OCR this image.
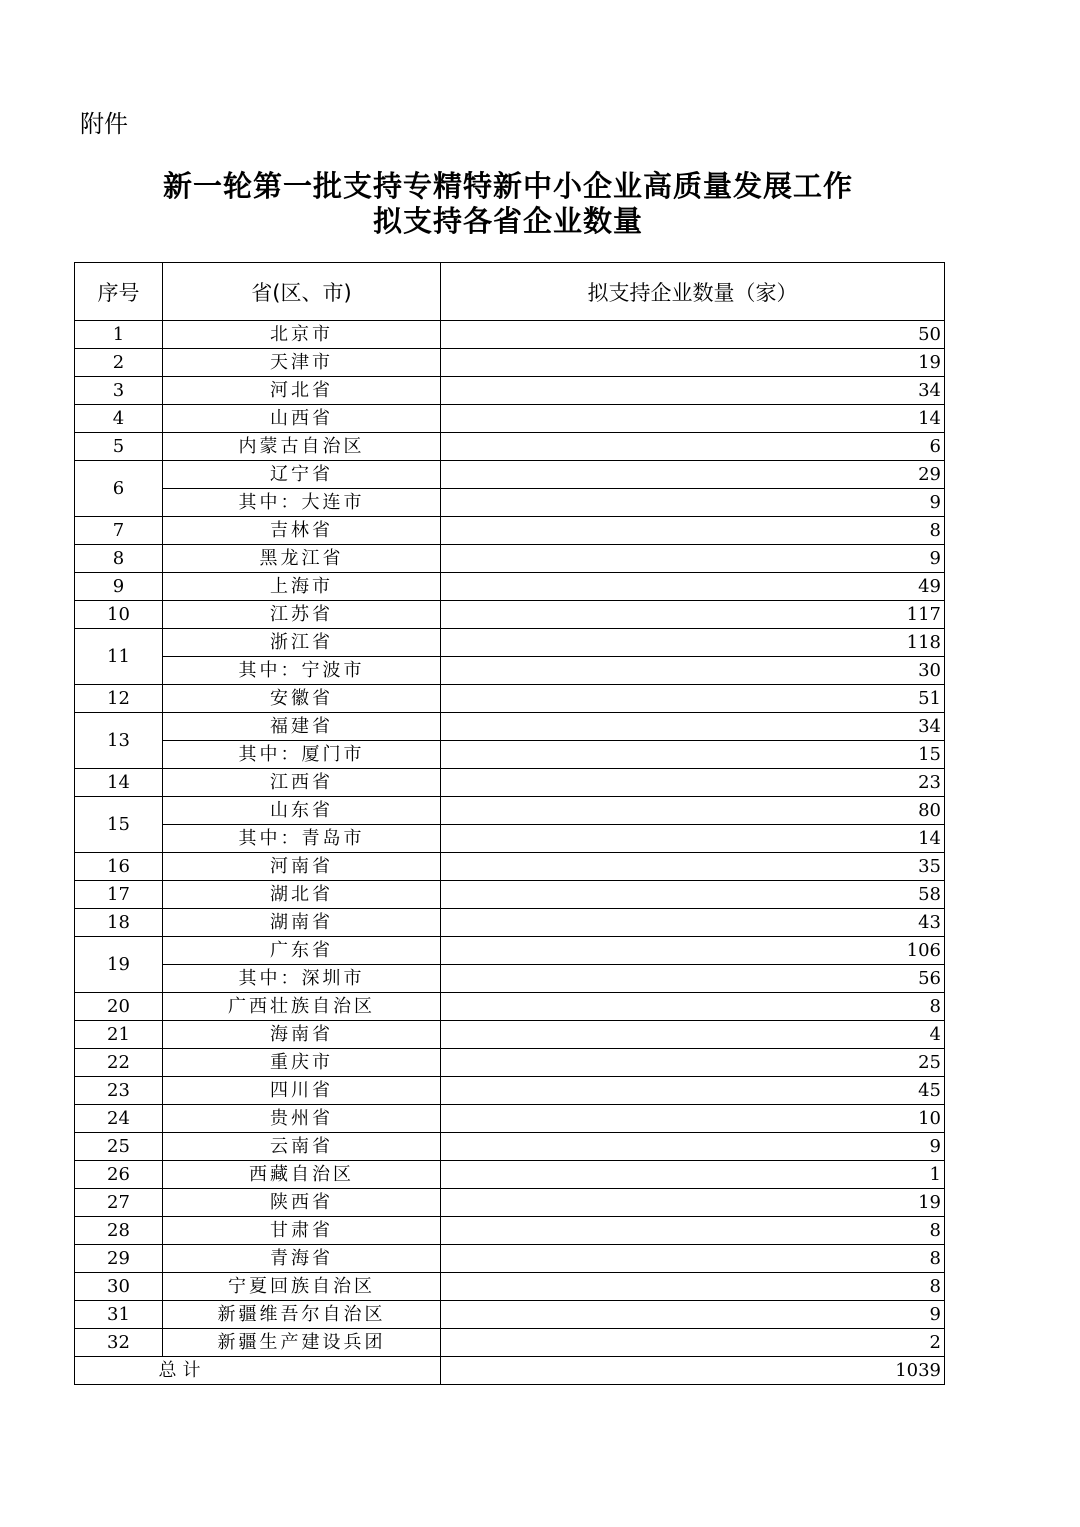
附件
新一轮第一批支持专精特新中小企业高质量发展工作
拟支持各省企业数量
序号	省(区、市)	拟支持企业数量（家）
1	北京市	50
2	天津市	19
3	河北省	34
4	山西省	14
5	内蒙古自治区	6
6	辽宁省	29
	其中：大连市	9
7	吉林省	8
8	黑龙江省	9
9	上海市	49
10	江苏省	117
11	浙江省	118
	其中：宁波市	30
12	安徽省	51
13	福建省	34
	其中：厦门市	15
14	江西省	23
15	山东省	80
	其中：青岛市	14
16	河南省	35
17	湖北省	58
18	湖南省	43
19	广东省	106
	其中：深圳市	56
20	广西壮族自治区	8
21	海南省	4
22	重庆市	25
23	四川省	45
24	贵州省	10
25	云南省	9
26	西藏自治区	1
27	陕西省	19
28	甘肃省	8
29	青海省	8
30	宁夏回族自治区	8
31	新疆维吾尔自治区	9
32	新疆生产建设兵团	2
总计		1039
